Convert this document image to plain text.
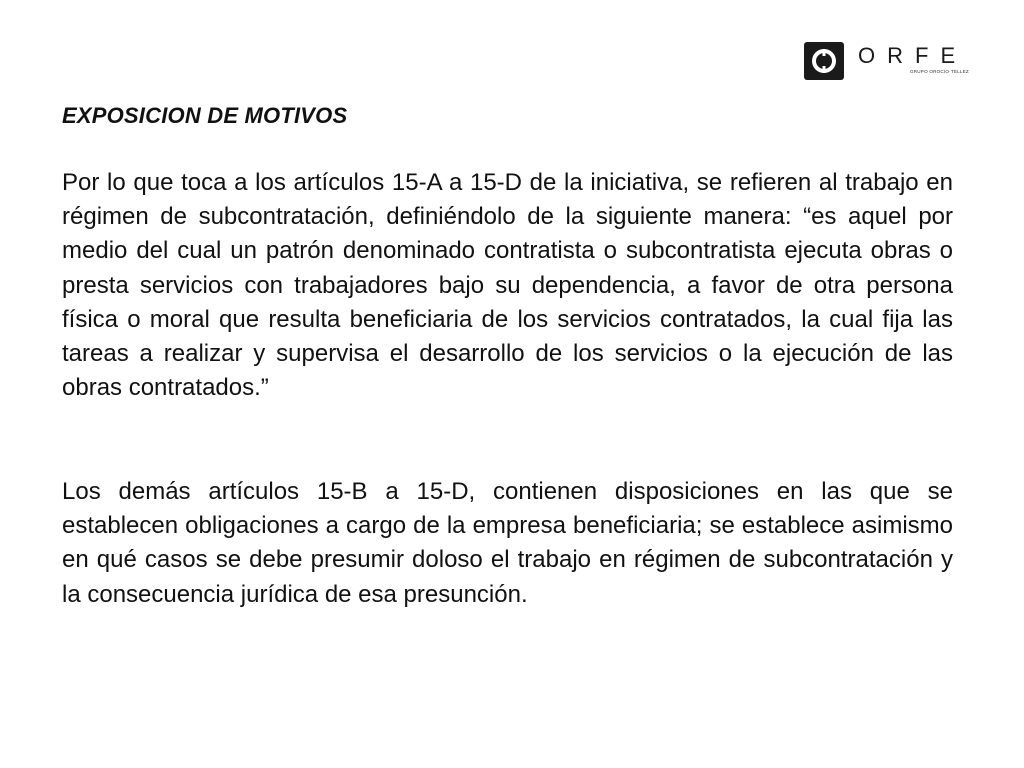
ORFE
GRUPO OROCIO·TELLEZ
EXPOSICION DE MOTIVOS

Por lo que toca a los artículos 15-A a 15-D de la iniciativa, se refieren al trabajo en régimen de subcontratación, definiéndolo de la siguiente manera: “es aquel por medio del cual un patrón denominado contratista o subcontratista ejecuta obras o presta servicios con trabajadores bajo su dependencia, a favor de otra persona física o moral que resulta beneficiaria de los servicios contratados, la cual fija las tareas a realizar y supervisa el desarrollo de los servicios o la ejecución de las obras contratados.”

Los demás artículos 15-B a 15-D, contienen disposiciones en las que se establecen obligaciones a cargo de la empresa beneficiaria; se establece asimismo en qué casos se debe presumir doloso el trabajo en régimen de subcontratación y la consecuencia jurídica de esa presunción.
